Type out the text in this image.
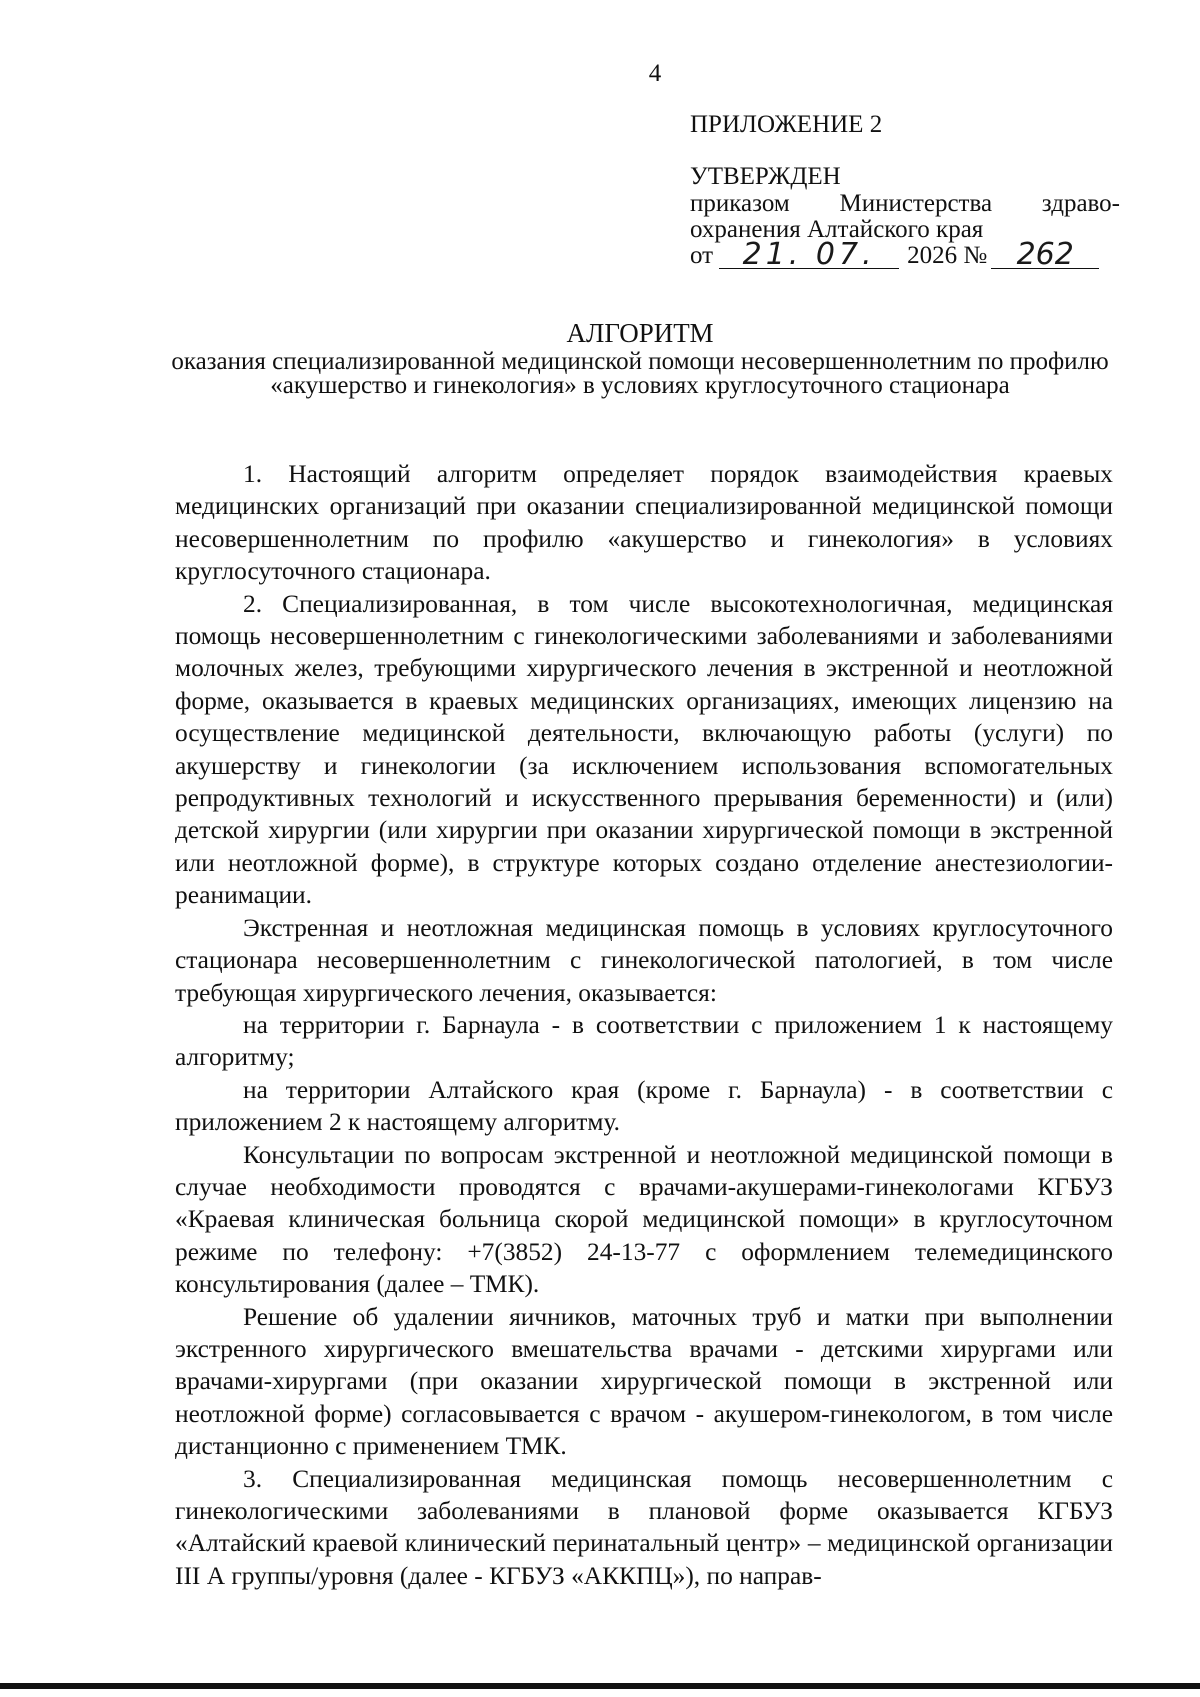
4
ПРИЛОЖЕНИЕ 2
УТВЕРЖДЕН
приказом Министерства здраво-
охранения Алтайского края
от 21. 07.	2026 № 262
АЛГОРИТМ
оказания специализированной медицинской помощи несовершеннолетним по профилю «акушерство и гинекология» в условиях круглосуточного стационара

1. Настоящий алгоритм определяет порядок взаимодействия краевых медицинских организаций при оказании специализированной медицинской помощи несовершеннолетним по профилю «акушерство и гинекология» в условиях круглосуточного стационара.

2. Специализированная, в том числе высокотехнологичная, медицинская помощь несовершеннолетним с гинекологическими заболеваниями и заболеваниями молочных желез, требующими хирургического лечения в экстренной и неотложной форме, оказывается в краевых медицинских организациях, имеющих лицензию на осуществление медицинской деятельности, включающую работы (услуги) по акушерству и гинекологии (за исключением использования вспомогательных репродуктивных технологий и искусственного прерывания беременности) и (или) детской хирургии (или хирургии при оказании хирургической помощи в экстренной или неотложной форме), в структуре которых создано отделение анестезиологии-реанимации.

Экстренная и неотложная медицинская помощь в условиях круглосуточного стационара несовершеннолетним с гинекологической патологией, в том числе требующая хирургического лечения, оказывается:

на территории г. Барнаула - в соответствии с приложением 1 к настоящему алгоритму;

на территории Алтайского края (кроме г. Барнаула) - в соответствии с приложением 2 к настоящему алгоритму.

Консультации по вопросам экстренной и неотложной медицинской помощи в случае необходимости проводятся с врачами-акушерами-гинекологами КГБУЗ «Краевая клиническая больница скорой медицинской помощи» в круглосуточном режиме по телефону: +7(3852) 24-13-77 с оформлением телемедицинского консультирования (далее – ТМК).

Решение об удалении яичников, маточных труб и матки при выполнении экстренного хирургического вмешательства врачами - детскими хирургами или врачами-хирургами (при оказании хирургической помощи в экстренной или неотложной форме) согласовывается с врачом - акушером-гинекологом, в том числе дистанционно с применением ТМК.

3. Специализированная медицинская помощь несовершеннолетним с гинекологическими заболеваниями в плановой форме оказывается КГБУЗ «Алтайский краевой клинический перинатальный центр» – медицинской организации III А группы/уровня (далее - КГБУЗ «АККПЦ»), по направ-
